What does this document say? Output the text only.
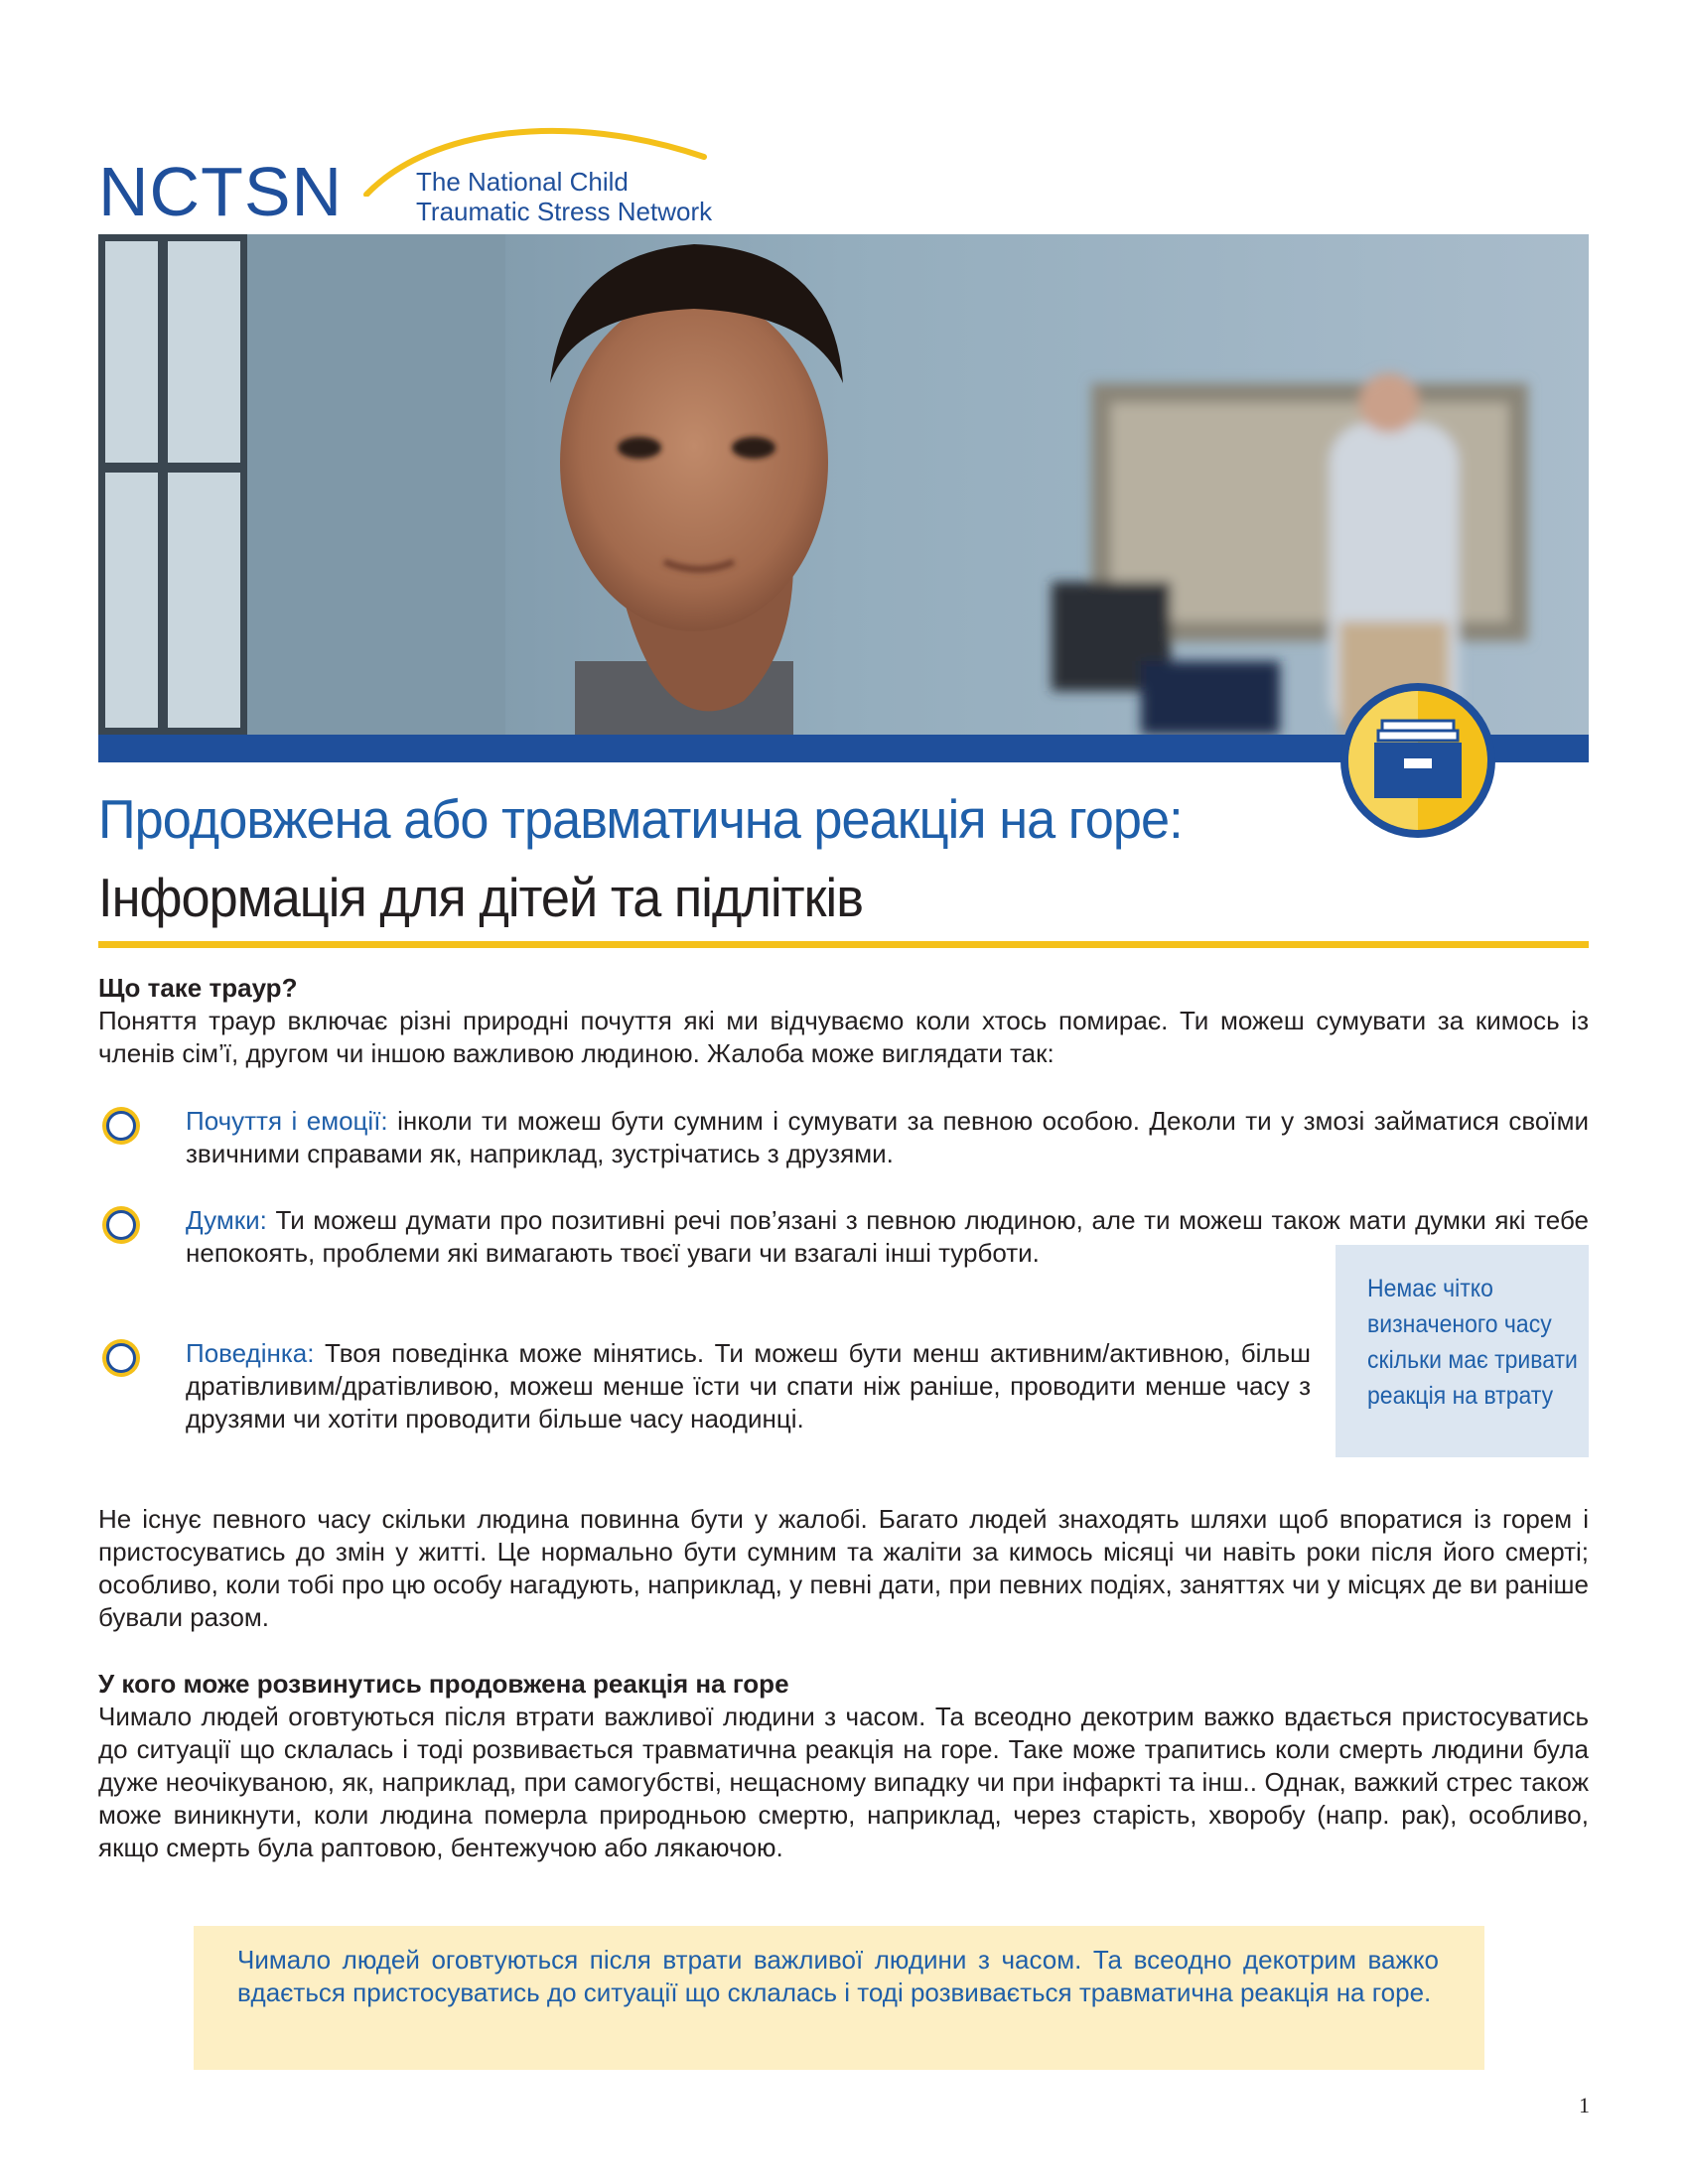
NCTSN	The National Child
Traumatic Stress Network
Продовжена або травматична реакція на горе:
Інформація для дітей та підлітків
Що таке траур?
Поняття траур включає різні природні почуття які ми відчуваємо коли хтось помирає. Ти можеш сумувати за кимось із членів сім’ї, другом чи іншою важливою людиною. Жалоба може виглядати так:
Почуття і емоції: інколи ти можеш бути сумним і сумувати за певною особою. Деколи ти у змозі займатися своїми звичними справами як, наприклад, зустрічатись з друзями.
Думки: Ти можеш думати про позитивні речі пов’язані з певною людиною, але ти можеш також мати думки які тебе непокоять, проблеми які вимагають твоєї уваги чи взагалі інші турботи.
Поведінка: Твоя поведінка може мінятись. Ти можеш бути менш активним/активною, більш дратівливим/дратівливою, можеш менше їсти чи спати ніж раніше, проводити менше часу з друзями чи хотіти проводити більше часу наодинці.

Немає чітко визначеного часу скільки має тривати реакція на втрату

Не існує певного часу скільки людина повинна бути у жалобі. Багато людей знаходять шляхи щоб впоратися із горем і пристосуватись до змін у житті. Це нормально бути сумним та жаліти за кимось місяці чи навіть роки після його смерті; особливо, коли тобі про цю особу нагадують, наприклад, у певні дати, при певних подіях, заняттях чи у місцях де ви раніше бували разом.
У кого може розвинутись продовжена реакція на горе
Чимало людей оговтуються після втрати важливої людини з часом. Та всеодно декотрим важко вдається пристосуватись до ситуації що склалась і тоді розвивається травматична реакція на горе. Таке може трапитись коли смерть людини була дуже неочікуваною, як, наприклад, при самогубстві, нещасному випадку чи при інфаркті та інш.. Однак, важкий стрес також може виникнути, коли людина померла природньою смертю, наприклад, через старість, хворобу (напр. рак), особливо, якщо смерть була раптовою, бентежучою або лякаючою.

Чимало людей оговтуються після втрати важливої людини з часом. Та всеодно декотрим важко вдається пристосуватись до ситуації що склалась і тоді розвивається травматична реакція на горе.

1
